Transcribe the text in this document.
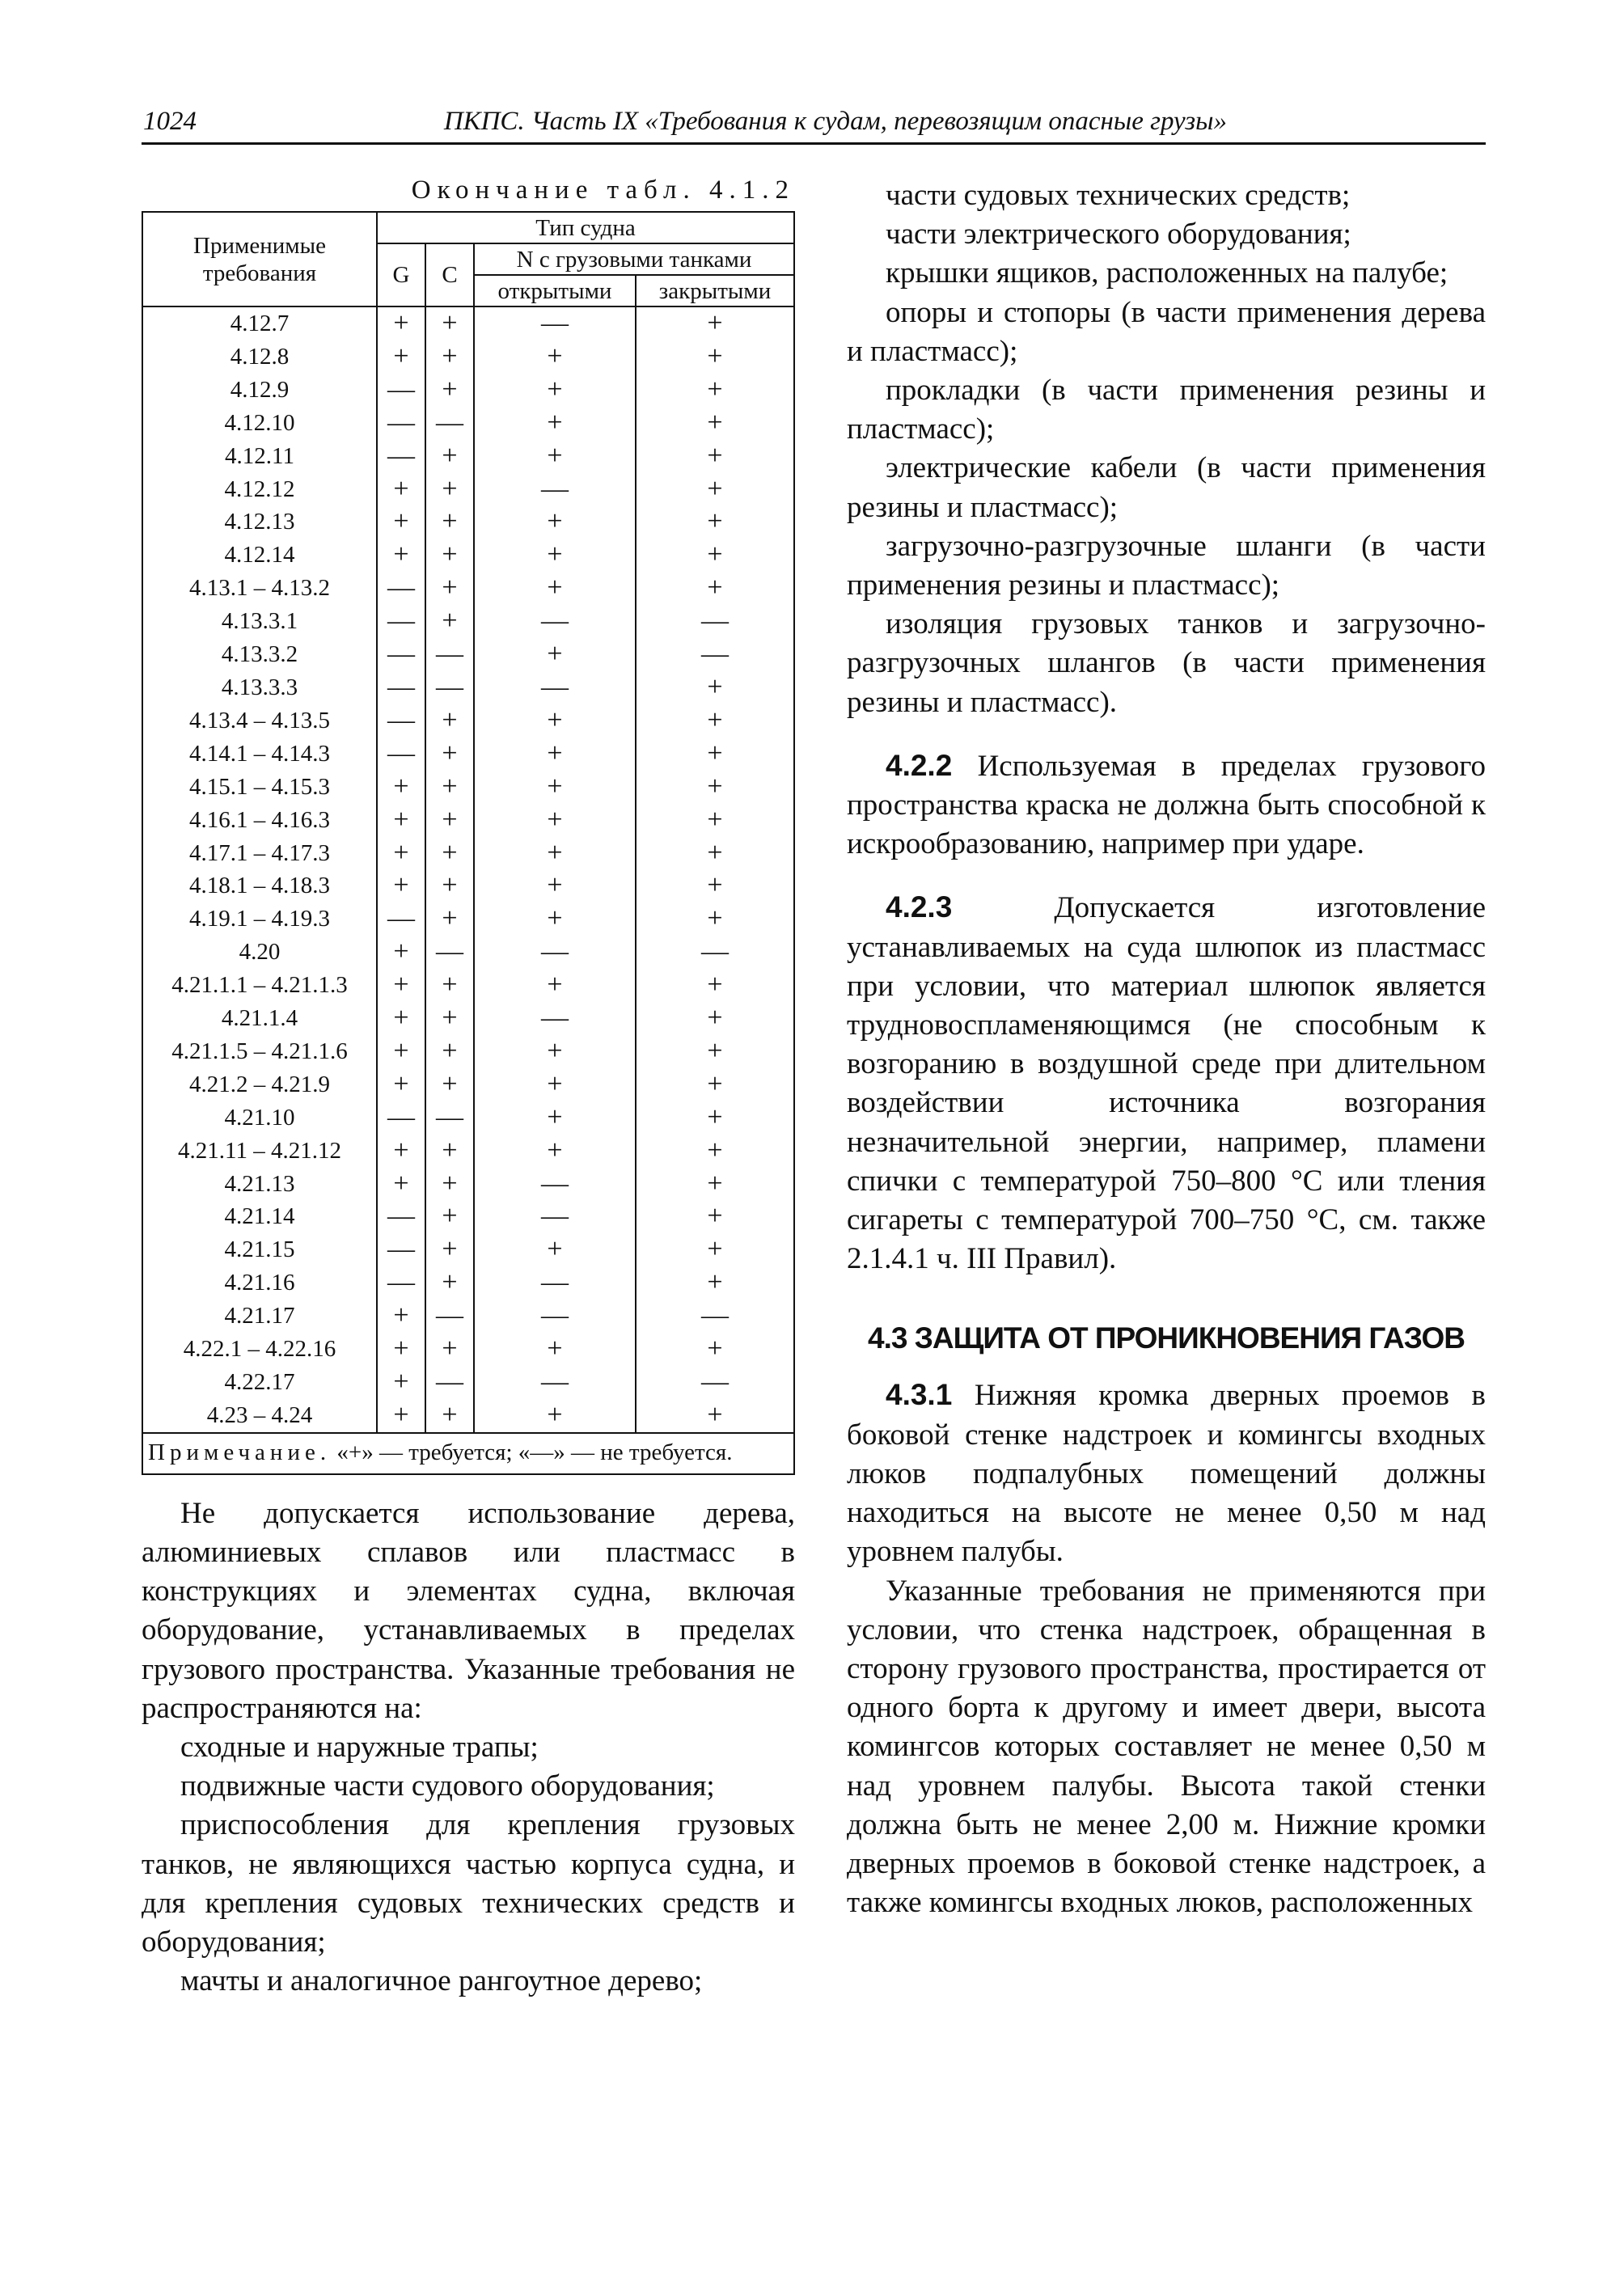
1024	ПКПС. Часть IX «Требования к судам, перевозящим опасные грузы»
Окончание табл. 4.1.2
Применимые требования	Тип судна			
	G	C	N с грузовыми танками	
			открытыми	закрытыми
4.12.7	+	+	—	+
4.12.8	+	+	+	+
4.12.9	—	+	+	+
4.12.10	—	—	+	+
4.12.11	—	+	+	+
4.12.12	+	+	—	+
4.12.13	+	+	+	+
4.12.14	+	+	+	+
4.13.1 – 4.13.2	—	+	+	+
4.13.3.1	—	+	—	—
4.13.3.2	—	—	+	—
4.13.3.3	—	—	—	+
4.13.4 – 4.13.5	—	+	+	+
4.14.1 – 4.14.3	—	+	+	+
4.15.1 – 4.15.3	+	+	+	+
4.16.1 – 4.16.3	+	+	+	+
4.17.1 – 4.17.3	+	+	+	+
4.18.1 – 4.18.3	+	+	+	+
4.19.1 – 4.19.3	—	+	+	+
4.20	+	—	—	—
4.21.1.1 – 4.21.1.3	+	+	+	+
4.21.1.4	+	+	—	+
4.21.1.5 – 4.21.1.6	+	+	+	+
4.21.2 – 4.21.9	+	+	+	+
4.21.10	—	—	+	+
4.21.11 – 4.21.12	+	+	+	+
4.21.13	+	+	—	+
4.21.14	—	+	—	+
4.21.15	—	+	+	+
4.21.16	—	+	—	+
4.21.17	+	—	—	—
4.22.1 – 4.22.16	+	+	+	+
4.22.17	+	—	—	—
4.23 – 4.24	+	+	+	+
Примечание. «+» — требуется; «—» — не требуется.

Не допускается использование дерева, алюминиевых сплавов или пластмасс в конструкциях и элементах судна, включая оборудование, устанавливаемых в пределах грузового пространства. Указанные требования не распространяются на:

сходные и наружные трапы;

подвижные части судового оборудования;

приспособления для крепления грузовых танков, не являющихся частью корпуса судна, и для крепления судовых технических средств и оборудования;

мачты и аналогичное рангоутное дерево;

части судовых технических средств;

части электрического оборудования;

крышки ящиков, расположенных на палубе;

опоры и стопоры (в части применения дерева и пластмасс);

прокладки (в части применения резины и пластмасс);

электрические кабели (в части применения резины и пластмасс);

загрузочно-разгрузочные шланги (в части применения резины и пластмасс);

изоляция грузовых танков и загрузочно-разгрузочных шлангов (в части применения резины и пластмасс).

4.2.2 Используемая в пределах грузового пространства краска не должна быть способной к искрообразованию, например при ударе.

4.2.3	Допускается изготовление устанавливаемых на суда шлюпок из пластмасс при условии, что материал шлюпок является трудновоспламеняющимся (не способным к возгоранию в воздушной среде при длительном воздействии источника возгорания незначительной энергии, например, пламени спички с температурой 750–800 °С или тления сигареты с температурой 700–750 °С, см. также 2.1.4.1 ч. III Правил).

4.3 ЗАЩИТА ОТ ПРОНИКНОВЕНИЯ ГАЗОВ

4.3.1 Нижняя кромка дверных проемов в боковой стенке надстроек и комингсы входных люков подпалубных помещений должны находиться на высоте не менее 0,50 м над уровнем палубы.

Указанные требования не применяются при условии, что стенка надстроек, обращенная в сторону грузового пространства, простирается от одного борта к другому и имеет двери, высота комингсов которых составляет не менее 0,50 м над уровнем палубы. Высота такой стенки должна быть не менее 2,00 м. Нижние кромки дверных проемов в боковой стенке надстроек, а также комингсы входных люков, расположенных
